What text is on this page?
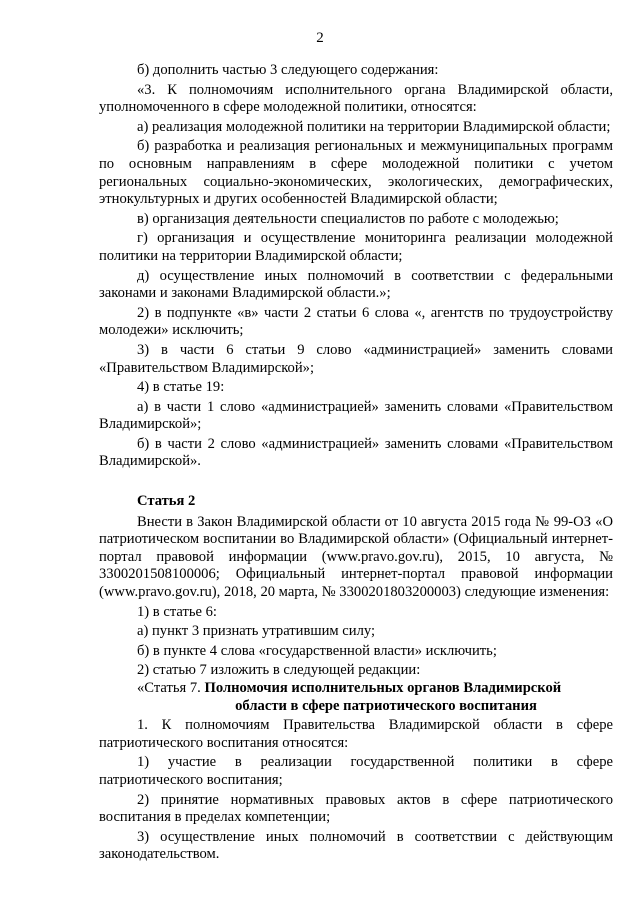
2
б) дополнить частью 3 следующего содержания:
«3. К полномочиям исполнительного органа Владимирской области, уполномоченного в сфере молодежной политики, относятся:
а) реализация молодежной политики на территории Владимирской области;
б) разработка и реализация региональных и межмуниципальных программ по основным направлениям в сфере молодежной политики с учетом региональных социально-экономических, экологических, демографических, этнокультурных и других особенностей Владимирской области;
в) организация деятельности специалистов по работе с молодежью;
г) организация и осуществление мониторинга реализации молодежной политики на территории Владимирской области;
д) осуществление иных полномочий в соответствии с федеральными законами и законами Владимирской области.»;
2) в подпункте «в» части 2 статьи 6 слова «, агентств по трудоустройству молодежи» исключить;
3) в части 6 статьи 9 слово «администрацией» заменить словами «Правительством Владимирской»;
4) в статье 19:
а) в части 1 слово «администрацией» заменить словами «Правительством Владимирской»;
б) в части 2 слово «администрацией» заменить словами «Правительством Владимирской».
Статья 2
Внести в Закон Владимирской области от 10 августа 2015 года № 99-ОЗ «О патриотическом воспитании во Владимирской области» (Официальный интернет-портал правовой информации (www.pravo.gov.ru), 2015, 10 августа, № 3300201508100006; Официальный интернет-портал правовой информации (www.pravo.gov.ru), 2018, 20 марта, № 3300201803200003) следующие изменения:
1) в статье 6:
а) пункт 3 признать утратившим силу;
б) в пункте 4 слова «государственной власти» исключить;
2) статью 7 изложить в следующей редакции:
«Статья 7. Полномочия исполнительных органов Владимирской
области в сфере патриотического воспитания
1. К полномочиям Правительства Владимирской области в сфере патриотического воспитания относятся:
1) участие в реализации государственной политики в сфере патриотического воспитания;
2) принятие нормативных правовых актов в сфере патриотического воспитания в пределах компетенции;
3) осуществление иных полномочий в соответствии с действующим законодательством.
